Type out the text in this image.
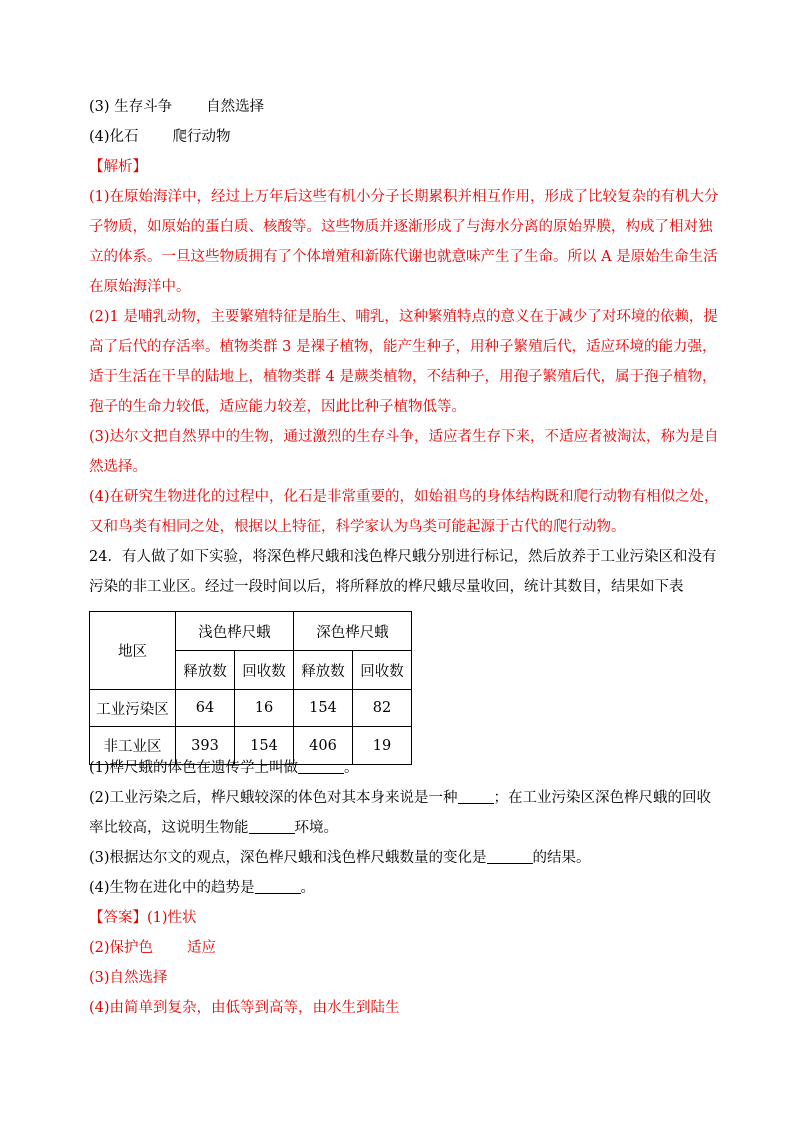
(3) 生存斗争 自然选择
(4)化石 爬行动物
【解析】
(1)在原始海洋中，经过上万年后这些有机小分子长期累积并相互作用，形成了比较复杂的有机大分
子物质，如原始的蛋白质、核酸等。这些物质并逐渐形成了与海水分离的原始界膜，构成了相对独
立的体系。一旦这些物质拥有了个体增殖和新陈代谢也就意味产生了生命。所以 A 是原始生命生活
在原始海洋中。
(2)1 是哺乳动物，主要繁殖特征是胎生、哺乳，这种繁殖特点的意义在于减少了对环境的依赖，提
高了后代的存活率。植物类群 3 是裸子植物，能产生种子，用种子繁殖后代，适应环境的能力强，
适于生活在干旱的陆地上，植物类群 4 是蕨类植物，不结种子，用孢子繁殖后代，属于孢子植物，
孢子的生命力较低，适应能力较差，因此比种子植物低等。
(3)达尔文把自然界中的生物，通过激烈的生存斗争，适应者生存下来，不适应者被淘汰，称为是自
然选择。
(4)在研究生物进化的过程中，化石是非常重要的，如始祖鸟的身体结构既和爬行动物有相似之处，
又和鸟类有相同之处，根据以上特征，科学家认为鸟类可能起源于古代的爬行动物。
24．有人做了如下实验，将深色桦尺蛾和浅色桦尺蛾分别进行标记，然后放养于工业污染区和没有
污染的非工业区。经过一段时间以后，将所释放的桦尺蛾尽量收回，统计其数目，结果如下表
地区	浅色桦尺蛾		深色桦尺蛾	
	释放数	回收数	释放数	回收数
工业污染区	64	16	154	82
非工业区	393	154	406	19
(1)桦尺蛾的体色在遗传学上叫做	。
(2)工业污染之后，桦尺蛾较深的体色对其本身来说是一种 ；在工业污染区深色桦尺蛾的回收
率比较高，这说明生物能	环境。
(3)根据达尔文的观点，深色桦尺蛾和浅色桦尺蛾数量的变化是	的结果。
(4)生物在进化中的趋势是	。
【答案】(1)性状
(2)保护色 适应
(3)自然选择
(4)由简单到复杂，由低等到高等，由水生到陆生
